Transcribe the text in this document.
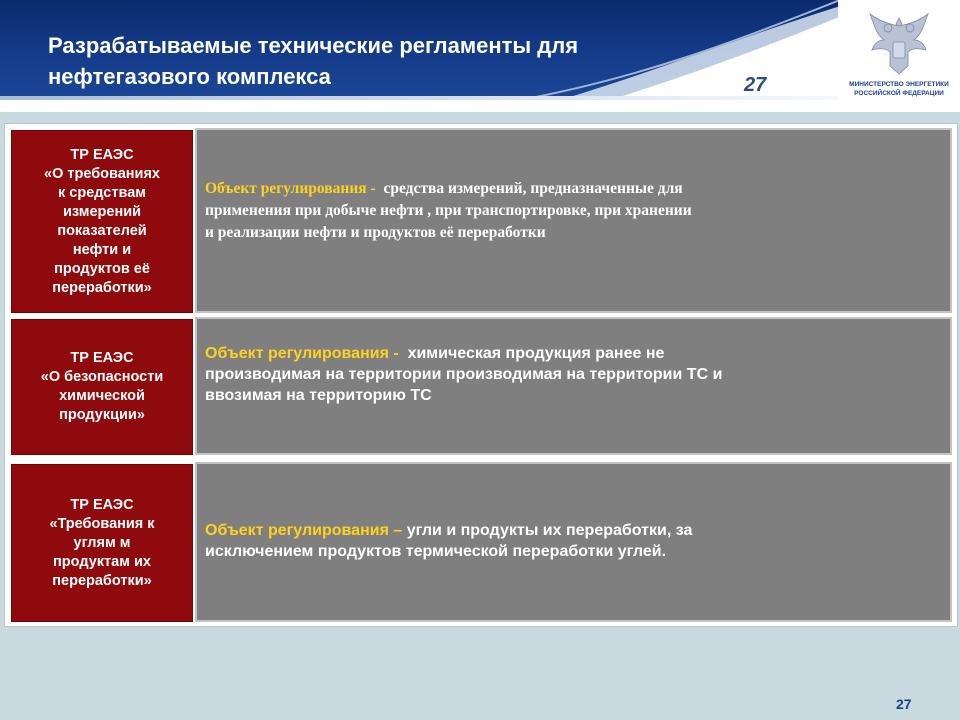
Разрабатываемые технические регламенты для
нефтегазового комплекса	27	МИНИСТЕРСТВО ЭНЕРГЕТИКИ
РОССИЙСКОЙ ФЕДЕРАЦИИ
ТР ЕАЭС
«О требованиях
к средствам
измерений
показателей
нефти и
продуктов её
переработки»
Объект регулирования - средства измерений, предназначенные для
применения при добыче нефти , при транспортировке, при хранении
и реализации нефти и продуктов её переработки
ТР ЕАЭС
«О безопасности
химической
продукции»
Объект регулирования - химическая продукция ранее не
производимая на территории производимая на территории ТС и
ввозимая на территорию ТС
ТР ЕАЭС
«Требования к
углям м
продуктам их
переработки»
Объект регулирования – угли и продукты их переработки, за
исключением продуктов термической переработки углей.
27
